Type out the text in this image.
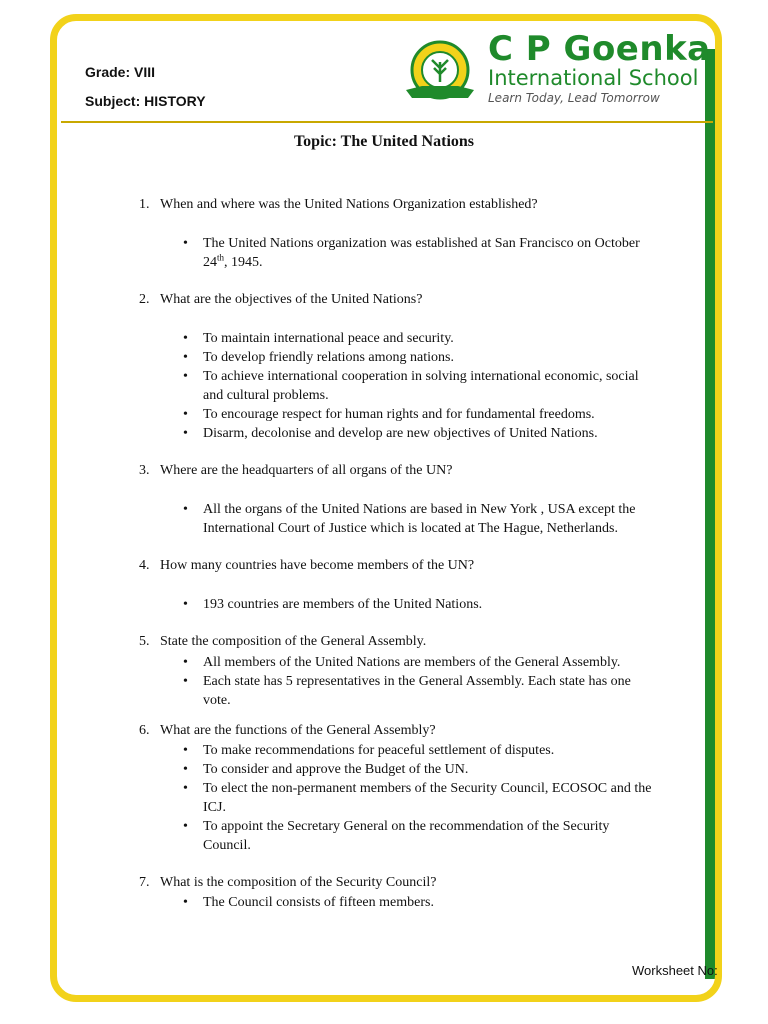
Grade: VIII
Subject: HISTORY
C P Goenka
International School
Learn Today, Lead Tomorrow
Topic: The United Nations

1. When and where was the United Nations Organization established?

• The United Nations organization was established at San Francisco on October 24th, 1945.

2. What are the objectives of the United Nations?

• To maintain international peace and security.
• To develop friendly relations among nations.
• To achieve international cooperation in solving international economic, social and cultural problems.
• To encourage respect for human rights and for fundamental freedoms.
• Disarm, decolonise and develop are new objectives of United Nations.

3. Where are the headquarters of all organs of the UN?

• All the organs of the United Nations are based in New York , USA except the International Court of Justice which is located at The Hague, Netherlands.

4. How many countries have become members of the UN?

• 193 countries are members of the United Nations.

5. State the composition of the General Assembly.

• All members of the United Nations are members of the General Assembly.
• Each state has 5 representatives in the General Assembly. Each state has one vote.

6. What are the functions of the General Assembly?

• To make recommendations for peaceful settlement of disputes.
• To consider and approve the Budget of the UN.
• To elect the non-permanent members of the Security Council, ECOSOC and the ICJ.
• To appoint the Secretary General on the recommendation of the Security Council.

7. What is the composition of the Security Council?

• The Council consists of fifteen members.
Worksheet No:
